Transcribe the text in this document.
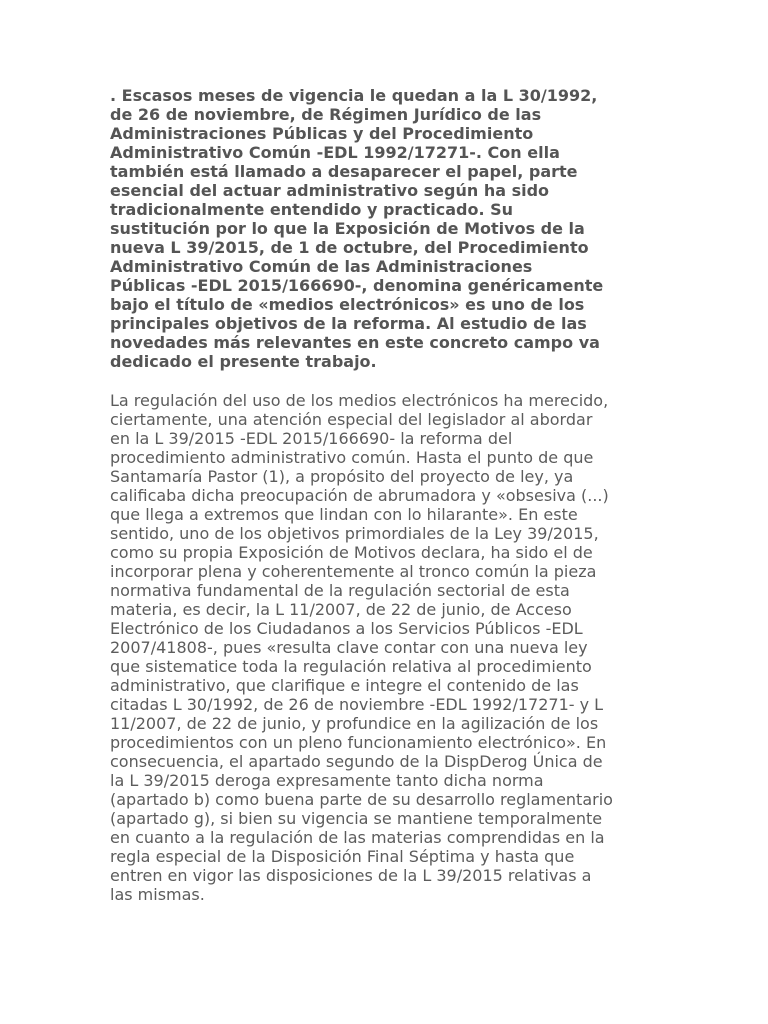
. Escasos meses de vigencia le quedan a la L 30/1992,
de 26 de noviembre, de Régimen Jurídico de las
Administraciones Públicas y del Procedimiento
Administrativo Común -EDL 1992/17271-. Con ella
también está llamado a desaparecer el papel, parte
esencial del actuar administrativo según ha sido
tradicionalmente entendido y practicado. Su
sustitución por lo que la Exposición de Motivos de la
nueva L 39/2015, de 1 de octubre, del Procedimiento
Administrativo Común de las Administraciones
Públicas -EDL 2015/166690-, denomina genéricamente
bajo el título de «medios electrónicos» es uno de los
principales objetivos de la reforma. Al estudio de las
novedades más relevantes en este concreto campo va
dedicado el presente trabajo.

La regulación del uso de los medios electrónicos ha merecido,
ciertamente, una atención especial del legislador al abordar
en la L 39/2015 -EDL 2015/166690- la reforma del
procedimiento administrativo común. Hasta el punto de que
Santamaría Pastor (1), a propósito del proyecto de ley, ya
calificaba dicha preocupación de abrumadora y «obsesiva (...)
que llega a extremos que lindan con lo hilarante». En este
sentido, uno de los objetivos primordiales de la Ley 39/2015,
como su propia Exposición de Motivos declara, ha sido el de
incorporar plena y coherentemente al tronco común la pieza
normativa fundamental de la regulación sectorial de esta
materia, es decir, la L 11/2007, de 22 de junio, de Acceso
Electrónico de los Ciudadanos a los Servicios Públicos -EDL
2007/41808-, pues «resulta clave contar con una nueva ley
que sistematice toda la regulación relativa al procedimiento
administrativo, que clarifique e integre el contenido de las
citadas L 30/1992, de 26 de noviembre -EDL 1992/17271- y L
11/2007, de 22 de junio, y profundice en la agilización de los
procedimientos con un pleno funcionamiento electrónico». En
consecuencia, el apartado segundo de la DispDerog Única de
la L 39/2015 deroga expresamente tanto dicha norma
(apartado b) como buena parte de su desarrollo reglamentario
(apartado g), si bien su vigencia se mantiene temporalmente
en cuanto a la regulación de las materias comprendidas en la
regla especial de la Disposición Final Séptima y hasta que
entren en vigor las disposiciones de la L 39/2015 relativas a
las mismas.
